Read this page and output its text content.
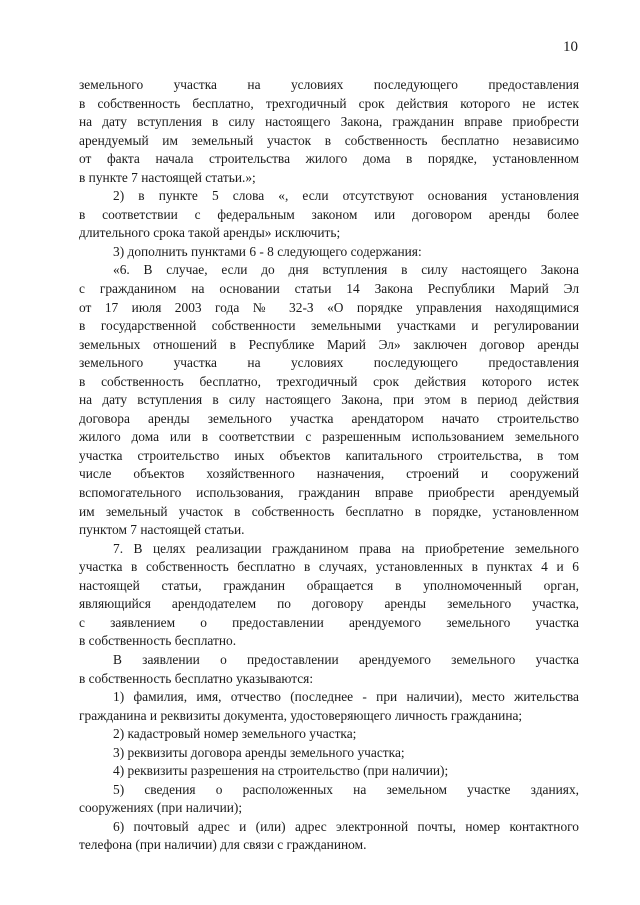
10
земельного участка на условиях последующего предоставления
в собственность бесплатно, трехгодичный срок действия которого не истек
на дату вступления в силу настоящего Закона, гражданин вправе приобрести
арендуемый им земельный участок в собственность бесплатно независимо
от факта начала строительства жилого дома в порядке, установленном
в пункте 7 настоящей статьи.»;
2) в пункте 5 слова «, если отсутствуют основания установления
в соответствии с федеральным законом или договором аренды более
длительного срока такой аренды» исключить;
3) дополнить пунктами 6 - 8 следующего содержания:
«6. В случае, если до дня вступления в силу настоящего Закона
с гражданином на основании статьи 14 Закона Республики Марий Эл
от 17 июля 2003 года № 32-З «О порядке управления находящимися
в государственной собственности земельными участками и регулировании
земельных отношений в Республике Марий Эл» заключен договор аренды
земельного участка на условиях последующего предоставления
в собственность бесплатно, трехгодичный срок действия которого истек
на дату вступления в силу настоящего Закона, при этом в период действия
договора аренды земельного участка арендатором начато строительство
жилого дома или в соответствии с разрешенным использованием земельного
участка строительство иных объектов капитального строительства, в том
числе объектов хозяйственного назначения, строений и сооружений
вспомогательного использования, гражданин вправе приобрести арендуемый
им земельный участок в собственность бесплатно в порядке, установленном
пунктом 7 настоящей статьи.
7. В целях реализации гражданином права на приобретение земельного
участка в собственность бесплатно в случаях, установленных в пунктах 4 и 6
настоящей статьи, гражданин обращается в уполномоченный орган,
являющийся арендодателем по договору аренды земельного участка,
с заявлением о предоставлении арендуемого земельного участка
в собственность бесплатно.
В заявлении о предоставлении арендуемого земельного участка
в собственность бесплатно указываются:
1) фамилия, имя, отчество (последнее - при наличии), место жительства
гражданина и реквизиты документа, удостоверяющего личность гражданина;
2) кадастровый номер земельного участка;
3) реквизиты договора аренды земельного участка;
4) реквизиты разрешения на строительство (при наличии);
5) сведения о расположенных на земельном участке зданиях,
сооружениях (при наличии);
6) почтовый адрес и (или) адрес электронной почты, номер контактного
телефона (при наличии) для связи с гражданином.
